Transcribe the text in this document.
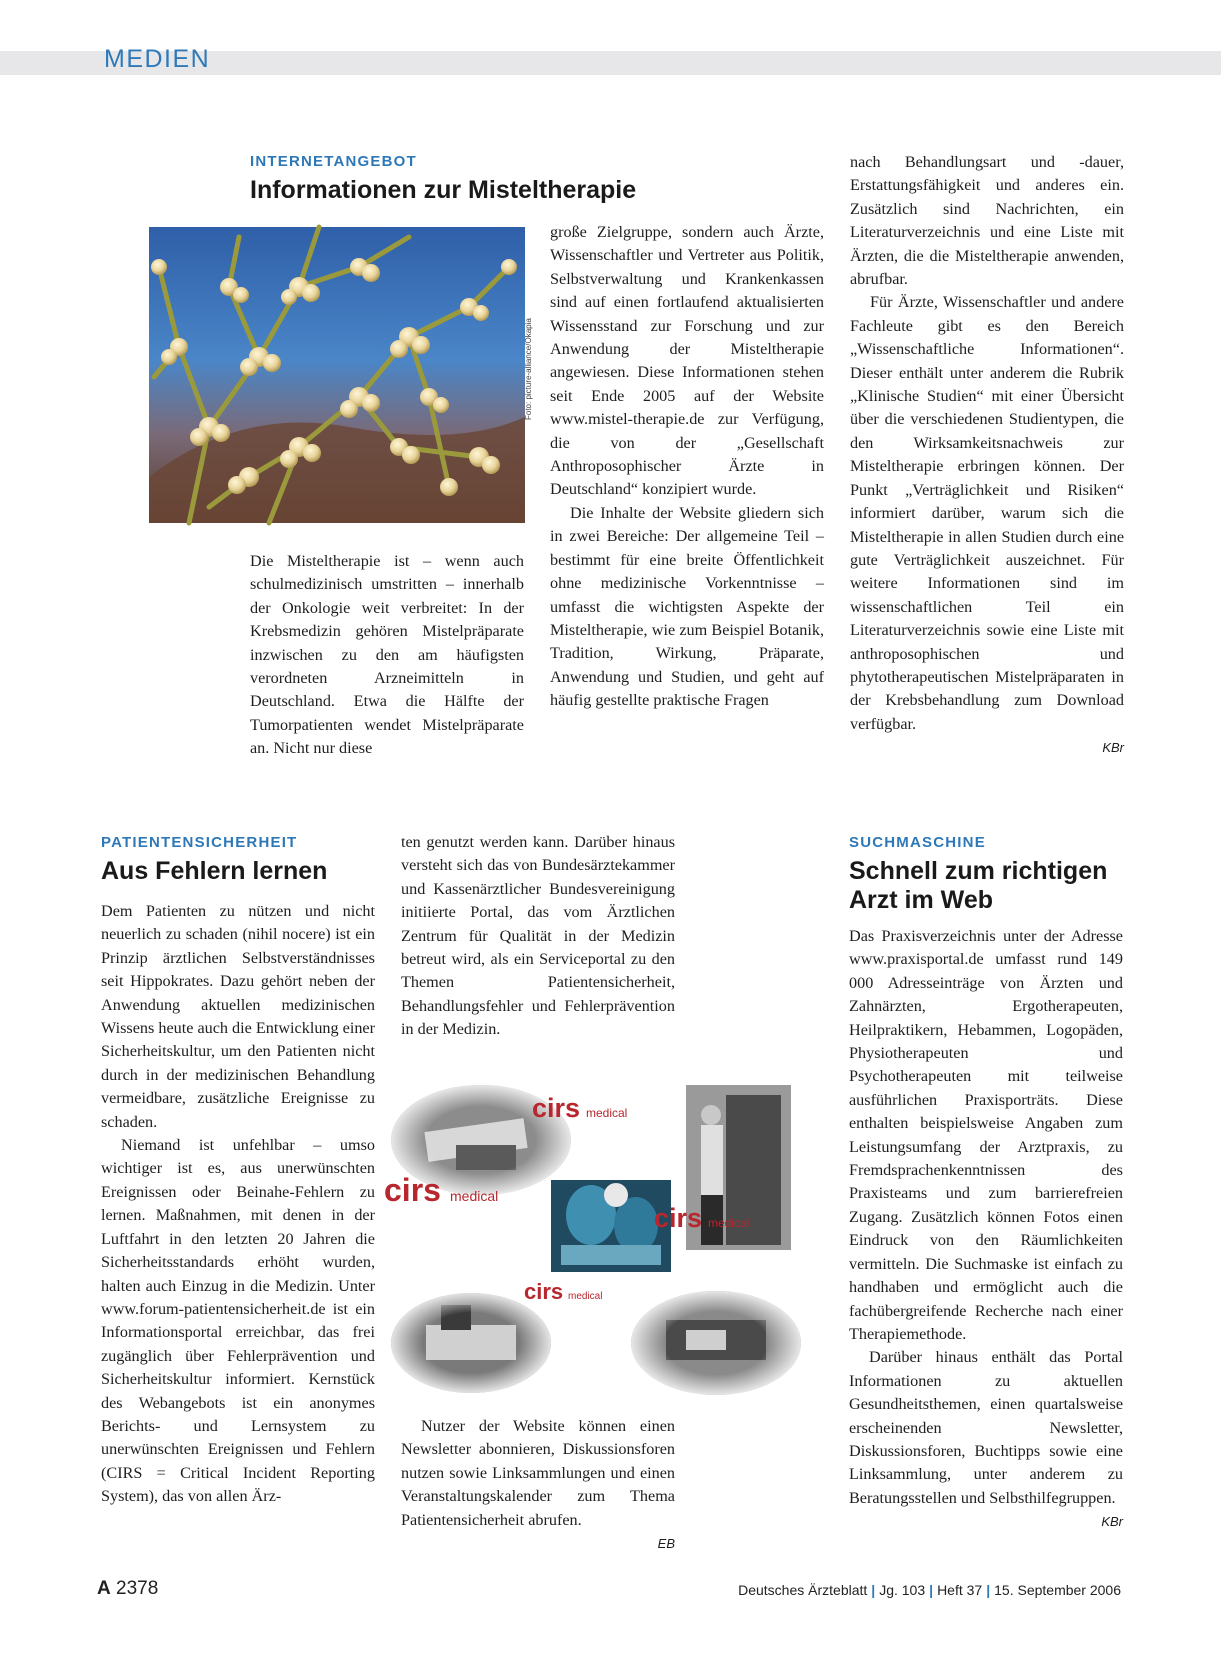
MEDIEN
INTERNETANGEBOT
Informationen zur Misteltherapie
Foto: picture-alliance/Okapia

Die Misteltherapie ist – wenn auch schulmedizinisch umstritten – innerhalb der Onkologie weit verbreitet: In der Krebsmedizin gehören Mistelpräparate inzwischen zu den am häufigsten verordneten Arzneimitteln in Deutschland. Etwa die Hälfte der Tumorpatienten wendet Mistelpräparate an. Nicht nur diese

große Zielgruppe, sondern auch Ärzte, Wissenschaftler und Vertreter aus Politik, Selbstverwaltung und Krankenkassen sind auf einen fortlaufend aktualisierten Wissensstand zur Forschung und zur Anwendung der Misteltherapie angewiesen. Diese Informationen stehen seit Ende 2005 auf der Website www.mistel-therapie.de zur Verfügung, die von der „Gesellschaft Anthroposophischer Ärzte in Deutschland“ konzipiert wurde.

Die Inhalte der Website gliedern sich in zwei Bereiche: Der allgemeine Teil – bestimmt für eine breite Öffentlichkeit ohne medizinische Vorkenntnisse – umfasst die wichtigsten Aspekte der Misteltherapie, wie zum Beispiel Botanik, Tradition, Wirkung, Präparate, Anwendung und Studien, und geht auf häufig gestellte praktische Fragen

nach Behandlungsart und -dauer, Erstattungsfähigkeit und anderes ein. Zusätzlich sind Nachrichten, ein Literaturverzeichnis und eine Liste mit Ärzten, die die Misteltherapie anwenden, abrufbar.

Für Ärzte, Wissenschaftler und andere Fachleute gibt es den Bereich „Wissenschaftliche Informationen“. Dieser enthält unter anderem die Rubrik „Klinische Studien“ mit einer Übersicht über die verschiedenen Studientypen, die den Wirksamkeitsnachweis zur Misteltherapie erbringen können. Der Punkt „Verträglichkeit und Risiken“ informiert darüber, warum sich die Misteltherapie in allen Studien durch eine gute Verträglichkeit auszeichnet. Für weitere Informationen sind im wissenschaftlichen Teil ein Literaturverzeichnis sowie eine Liste mit anthroposophischen und phytotherapeutischen Mistelpräparaten in der Krebsbehandlung zum Download verfügbar.

KBr
PATIENTENSICHERHEIT
Aus Fehlern lernen

Dem Patienten zu nützen und nicht neuerlich zu schaden (nihil nocere) ist ein Prinzip ärztlichen Selbstverständnisses seit Hippokrates. Dazu gehört neben der Anwendung aktuellen medizinischen Wissens heute auch die Entwicklung einer Sicherheitskultur, um den Patienten nicht durch in der medizinischen Behandlung vermeidbare, zusätzliche Ereignisse zu schaden.

Niemand ist unfehlbar – umso wichtiger ist es, aus unerwünschten Ereignissen oder Beinahe-Fehlern zu lernen. Maßnahmen, mit denen in der Luftfahrt in den letzten 20 Jahren die Sicherheitsstandards erhöht wurden, halten auch Einzug in die Medizin. Unter www.forum-patientensicherheit.de ist ein Informationsportal erreichbar, das frei zugänglich über Fehlerprävention und Sicherheitskultur informiert. Kernstück des Webangebots ist ein anonymes Berichts- und Lernsystem zu unerwünschten Ereignissen und Fehlern (CIRS = Critical Incident Reporting System), das von allen Ärz-

ten genutzt werden kann. Darüber hinaus versteht sich das von Bundesärztekammer und Kassenärztlicher Bundesvereinigung initiierte Portal, das vom Ärztlichen Zentrum für Qualität in der Medizin betreut wird, als ein Serviceportal zu den Themen Patientensicherheit, Behandlungsfehler und Fehlerprävention in der Medizin.

cirs medical
cirs medical
cirs medical
cirs medical

Nutzer der Website können einen Newsletter abonnieren, Diskussionsforen nutzen sowie Linksammlungen und einen Veranstaltungskalender zum Thema Patientensicherheit abrufen.

EB
SUCHMASCHINE
Schnell zum richtigen
Arzt im Web

Das Praxisverzeichnis unter der Adresse www.praxisportal.de umfasst rund 149 000 Adresseinträge von Ärzten und Zahnärzten, Ergotherapeuten, Heilpraktikern, Hebammen, Logopäden, Physiotherapeuten und Psychotherapeuten mit teilweise ausführlichen Praxisporträts. Diese enthalten beispielsweise Angaben zum Leistungsumfang der Arztpraxis, zu Fremdsprachenkenntnissen des Praxisteams und zum barrierefreien Zugang. Zusätzlich können Fotos einen Eindruck von den Räumlichkeiten vermitteln. Die Suchmaske ist einfach zu handhaben und ermöglicht auch die fachübergreifende Recherche nach einer Therapiemethode.

Darüber hinaus enthält das Portal Informationen zu aktuellen Gesundheitsthemen, einen quartalsweise erscheinenden Newsletter, Diskussionsforen, Buchtipps sowie eine Linksammlung, unter anderem zu Beratungsstellen und Selbsthilfegruppen.

KBr
A 2378	Deutsches Ärzteblatt | Jg. 103 | Heft 37 | 15. September 2006
